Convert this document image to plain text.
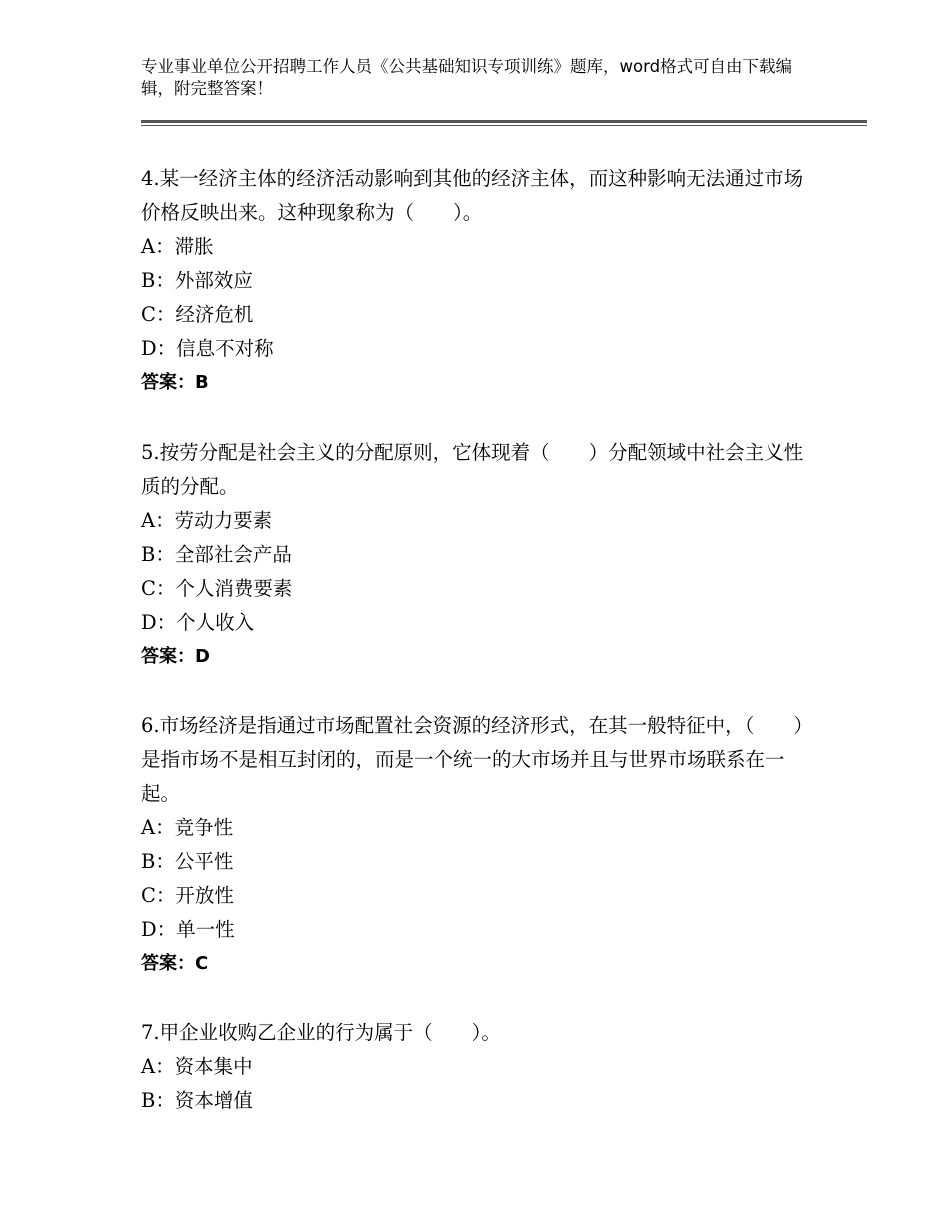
专业事业单位公开招聘工作人员《公共基础知识专项训练》题库，word格式可自由下载编辑，附完整答案！
4.某一经济主体的经济活动影响到其他的经济主体，而这种影响无法通过市场价格反映出来。这种现象称为（　　）。
A：滞胀
B：外部效应
C：经济危机
D：信息不对称
答案：B
5.按劳分配是社会主义的分配原则，它体现着（　　）分配领域中社会主义性质的分配。
A：劳动力要素
B：全部社会产品
C：个人消费要素
D：个人收入
答案：D
6.市场经济是指通过市场配置社会资源的经济形式，在其一般特征中，（　　）是指市场不是相互封闭的，而是一个统一的大市场并且与世界市场联系在一起。
A：竞争性
B：公平性
C：开放性
D：单一性
答案：C
7.甲企业收购乙企业的行为属于（　　）。
A：资本集中
B：资本增值
